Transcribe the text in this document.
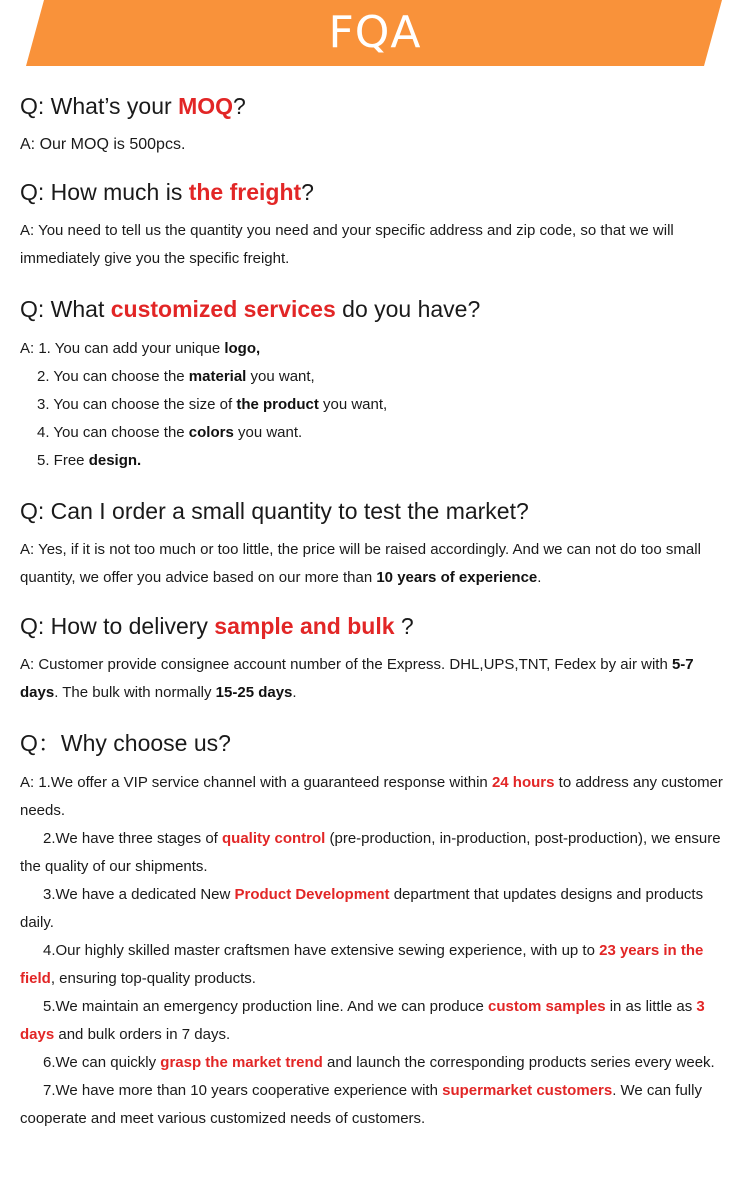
FQA
Q: What’s your MOQ?

A: Our MOQ is 500pcs.

Q: How much is the freight?

A: You need to tell us the quantity you need and your specific address and zip code, so that we will immediately give you the specific freight.

Q: What customized services do you have?
A: 1. You can add your unique logo,
2. You can choose the material you want,
3. You can choose the size of the product you want,
4. You can choose the colors you want.
5. Free design.
Q: Can I order a small quantity to test the market?

A: Yes, if it is not too much or too little, the price will be raised accordingly. And we can not do too small quantity, we offer you advice based on our more than 10 years of experience.

Q: How to delivery sample and bulk ?

A: Customer provide consignee account number of the Express. DHL,UPS,TNT, Fedex by air with 5-7 days. The bulk with normally 15-25 days.

Q：Why choose us?
A: 1.We offer a VIP service channel with a guaranteed response within 24 hours to address any customer needs.
2.We have three stages of quality control (pre-production, in-production, post-production), we ensure the quality of our shipments.
3.We have a dedicated New Product Development department that updates designs and products daily.
4.Our highly skilled master craftsmen have extensive sewing experience, with up to 23 years in the field, ensuring top-quality products.
5.We maintain an emergency production line. And we can produce custom samples in as little as 3 days and bulk orders in 7 days.
6.We can quickly grasp the market trend and launch the corresponding products series every week.
7.We have more than 10 years cooperative experience with supermarket customers. We can fully cooperate and meet various customized needs of customers.
